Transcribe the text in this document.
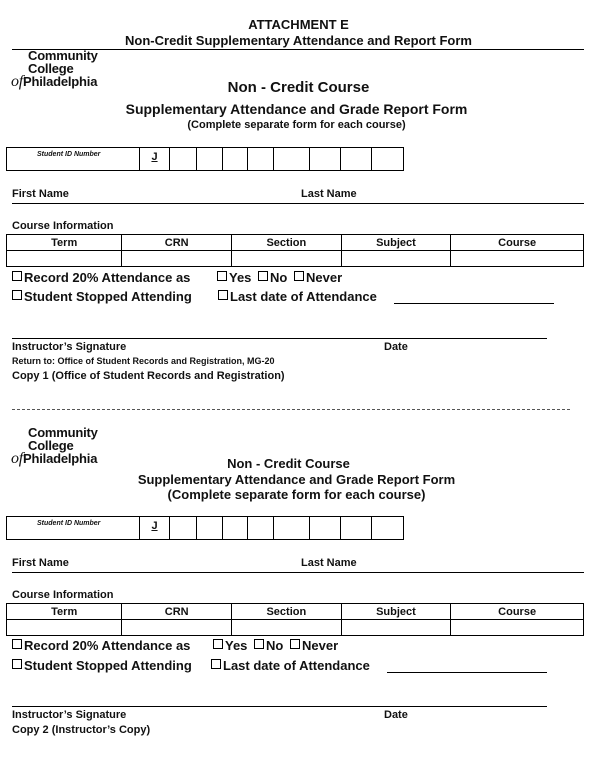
ATTACHMENT E
Non-Credit Supplementary Attendance and Report Form
Community
College
ofPhiladelphia	Non - Credit Course
Supplementary Attendance and Grade Report Form
(Complete separate form for each course)
Student ID Number	J
First Name	Last Name
Course Information
Term	CRN	Section	Subject	Course

Record 20% Attendance as	Yes No Never
Student Stopped Attending	Last date of Attendance
Instructor’s Signature	Date
Return to: Office of Student Records and Registration, MG-20
Copy 1 (Office of Student Records and Registration)
Community
College
ofPhiladelphia	Non - Credit Course
Supplementary Attendance and Grade Report Form
(Complete separate form for each course)
Student ID Number	J
First Name	Last Name
Course Information
Term	CRN	Section	Subject	Course

Record 20% Attendance as	Yes No Never
Student Stopped Attending	Last date of Attendance
Instructor’s Signature	Date
Copy 2 (Instructor’s Copy)
